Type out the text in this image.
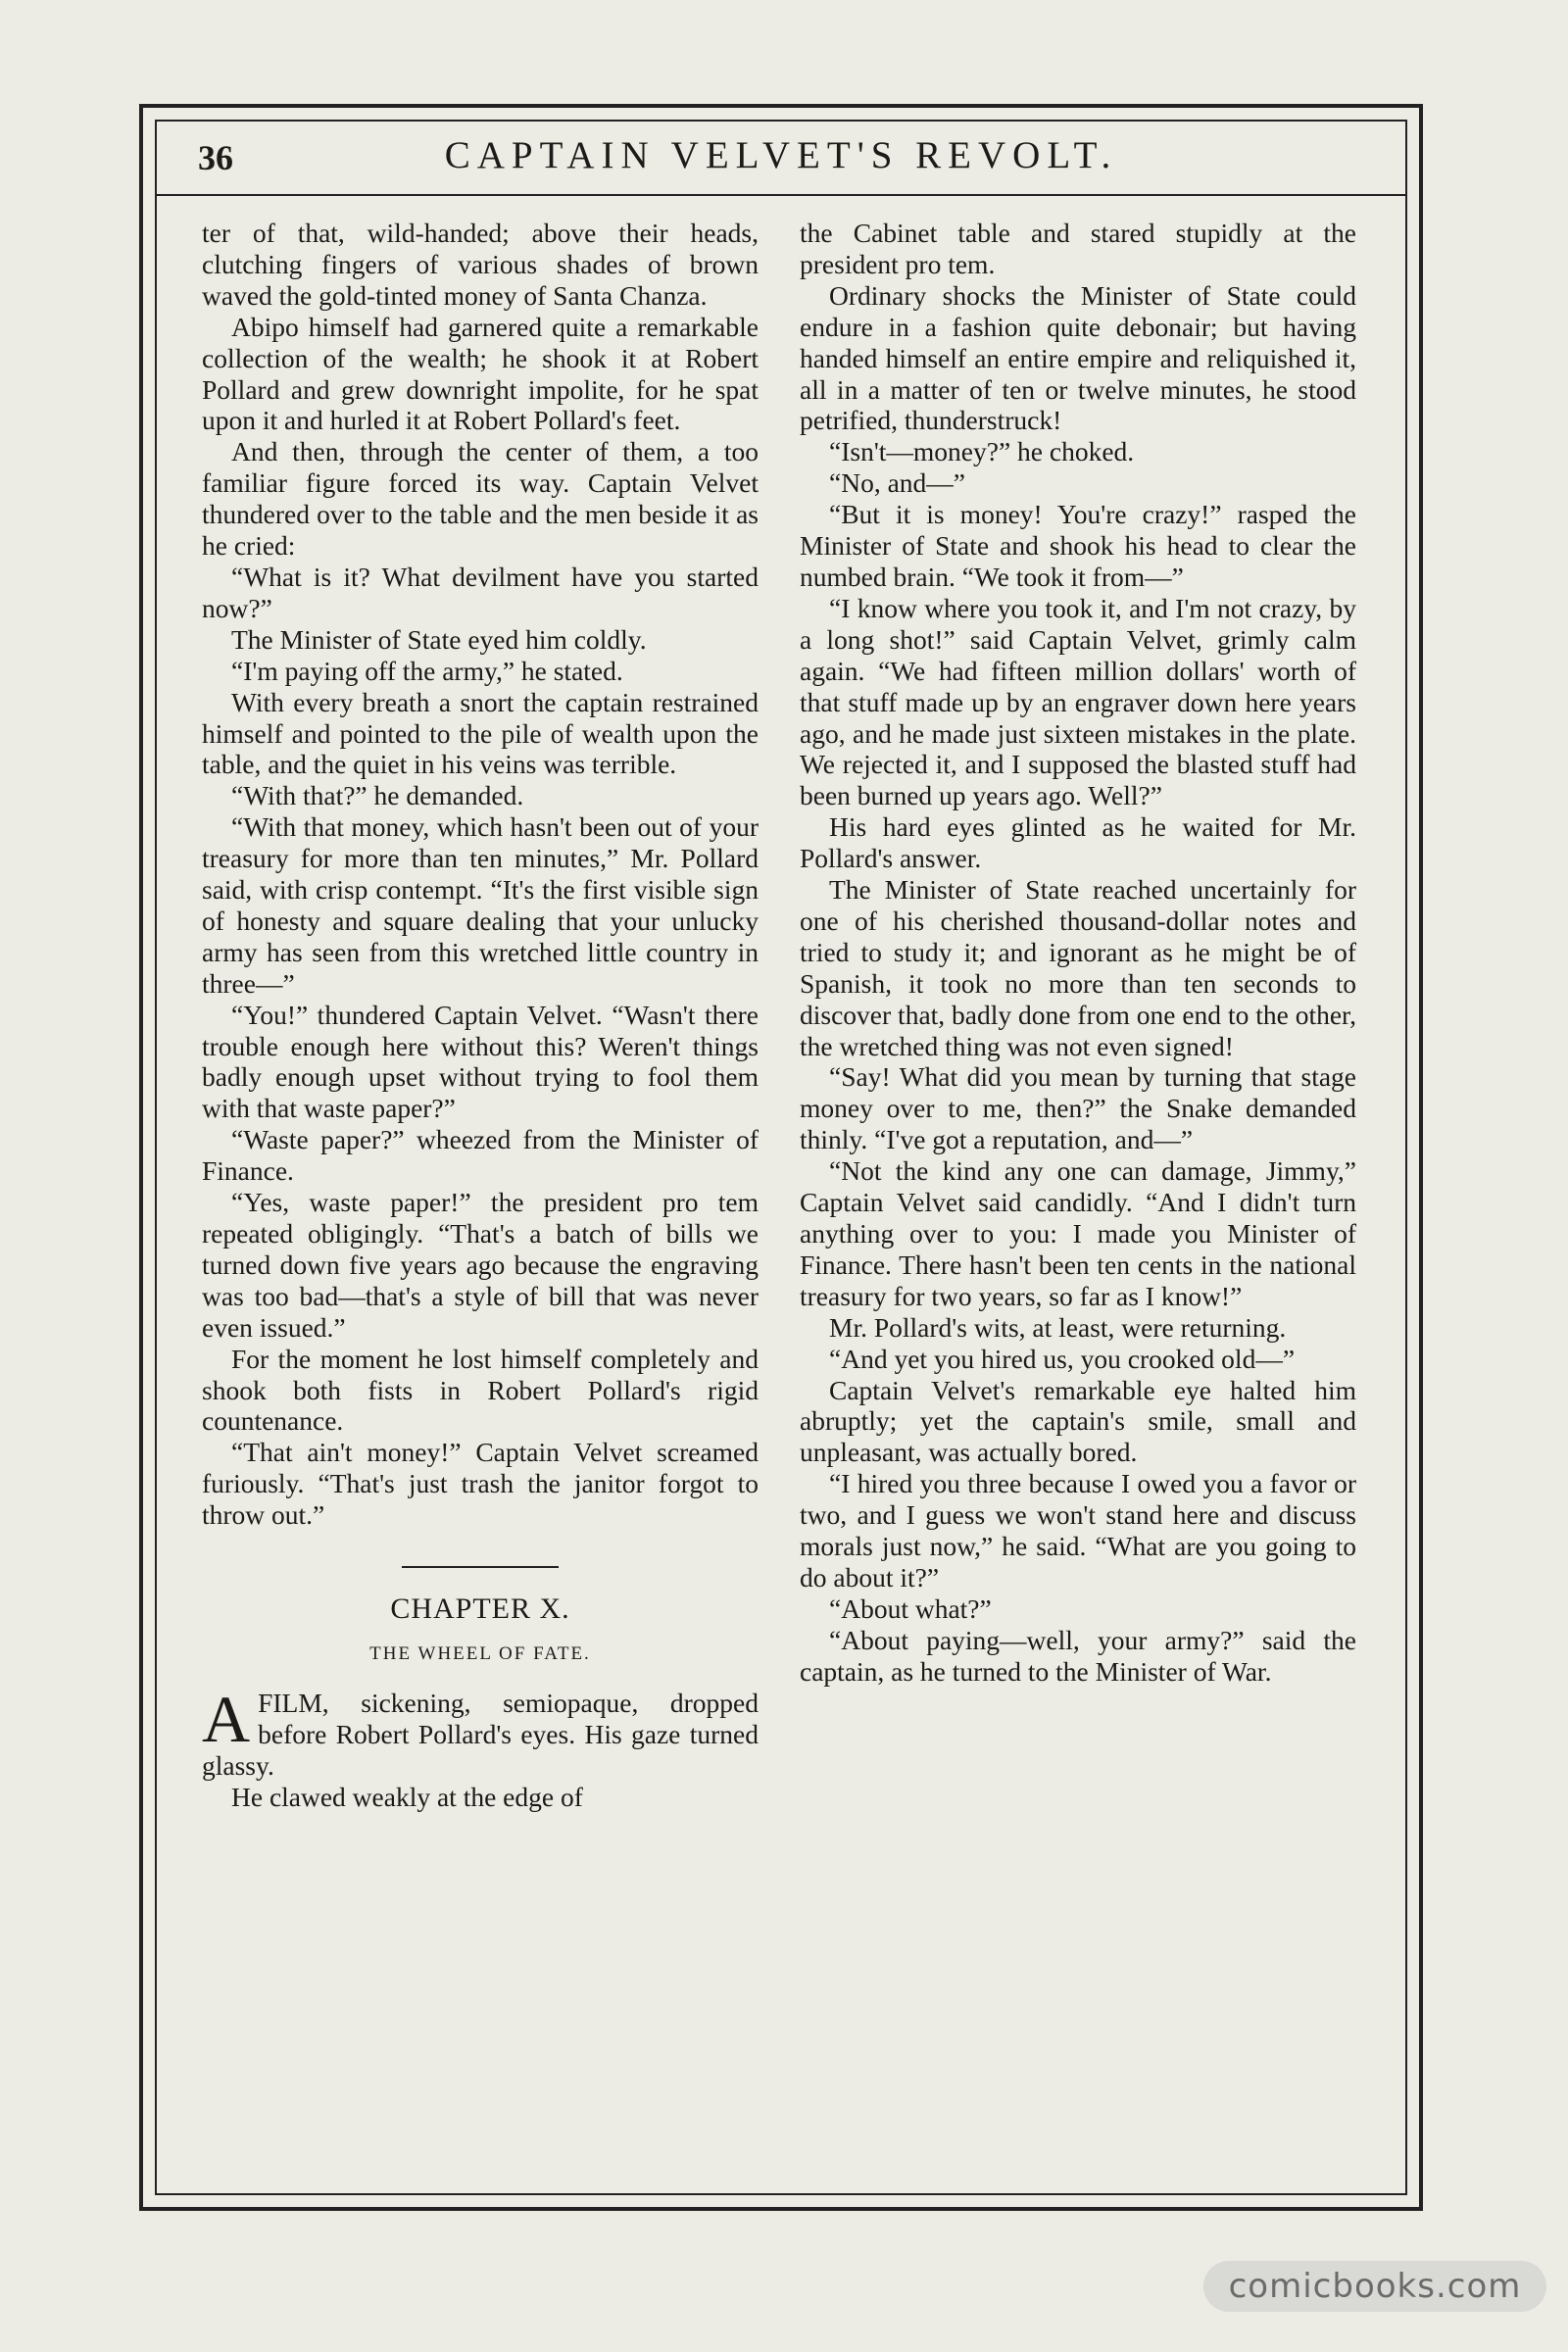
36	CAPTAIN VELVET'S REVOLT.

ter of that, wild-handed; above their heads, clutching fingers of various shades of brown waved the gold-tinted money of Santa Chanza.

Abipo himself had garnered quite a remarkable collection of the wealth; he shook it at Robert Pollard and grew downright impolite, for he spat upon it and hurled it at Robert Pollard's feet.

And then, through the center of them, a too familiar figure forced its way. Captain Velvet thundered over to the table and the men beside it as he cried:

“What is it? What devilment have you started now?”

The Minister of State eyed him coldly.

“I'm paying off the army,” he stated.

With every breath a snort the captain restrained himself and pointed to the pile of wealth upon the table, and the quiet in his veins was terrible.

“With that?” he demanded.

“With that money, which hasn't been out of your treasury for more than ten minutes,” Mr. Pollard said, with crisp contempt. “It's the first visible sign of honesty and square dealing that your unlucky army has seen from this wretched little country in three—”

“You!” thundered Captain Velvet. “Wasn't there trouble enough here without this? Weren't things badly enough upset without trying to fool them with that waste paper?”

“Waste paper?” wheezed from the Minister of Finance.

“Yes, waste paper!” the president pro tem repeated obligingly. “That's a batch of bills we turned down five years ago because the engraving was too bad—that's a style of bill that was never even issued.”

For the moment he lost himself completely and shook both fists in Robert Pollard's rigid countenance.

“That ain't money!” Captain Velvet screamed furiously. “That's just trash the janitor forgot to throw out.”

CHAPTER X.
THE WHEEL OF FATE.

AFILM, sickening, semiopaque, dropped before Robert Pollard's eyes. His gaze turned glassy.

He clawed weakly at the edge of

the Cabinet table and stared stupidly at the president pro tem.

Ordinary shocks the Minister of State could endure in a fashion quite debonair; but having handed himself an entire empire and reliquished it, all in a matter of ten or twelve minutes, he stood petrified, thunderstruck!

“Isn't—money?” he choked.

“No, and—”

“But it is money! You're crazy!” rasped the Minister of State and shook his head to clear the numbed brain. “We took it from—”

“I know where you took it, and I'm not crazy, by a long shot!” said Captain Velvet, grimly calm again. “We had fifteen million dollars' worth of that stuff made up by an engraver down here years ago, and he made just sixteen mistakes in the plate. We rejected it, and I supposed the blasted stuff had been burned up years ago. Well?”

His hard eyes glinted as he waited for Mr. Pollard's answer.

The Minister of State reached uncertainly for one of his cherished thousand-dollar notes and tried to study it; and ignorant as he might be of Spanish, it took no more than ten seconds to discover that, badly done from one end to the other, the wretched thing was not even signed!

“Say! What did you mean by turning that stage money over to me, then?” the Snake demanded thinly. “I've got a reputation, and—”

“Not the kind any one can damage, Jimmy,” Captain Velvet said candidly. “And I didn't turn anything over to you: I made you Minister of Finance. There hasn't been ten cents in the national treasury for two years, so far as I know!”

Mr. Pollard's wits, at least, were returning.

“And yet you hired us, you crooked old—”

Captain Velvet's remarkable eye halted him abruptly; yet the captain's smile, small and unpleasant, was actually bored.

“I hired you three because I owed you a favor or two, and I guess we won't stand here and discuss morals just now,” he said. “What are you going to do about it?”

“About what?”

“About paying—well, your army?” said the captain, as he turned to the Minister of War.

comicbooks.com
